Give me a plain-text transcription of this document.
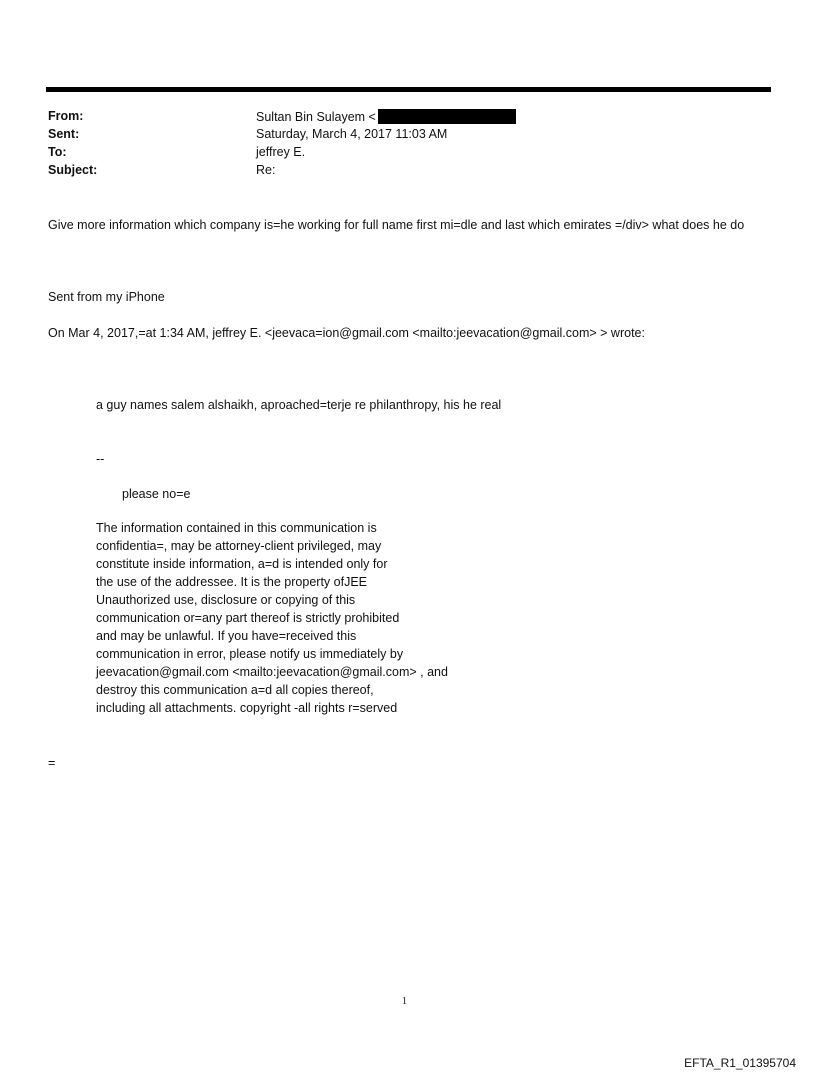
From:	Sultan Bin Sulayem <
Sent:	Saturday, March 4, 2017 11:03 AM
To:	jeffrey E.
Subject:	Re:
Give more information which company is=he working for full name first mi=dle and last which emirates =/div> what does he do
Sent from my iPhone
On Mar 4, 2017,=at 1:34 AM, jeffrey E. <jeevaca=ion@gmail.com <mailto:jeevacation@gmail.com> > wrote:
a guy names salem alshaikh, aproached=terje re philanthropy, his he real
--
please no=e
The information contained in this communication is
confidentia=, may be attorney-client privileged, may
constitute inside information, a=d is intended only for
the use of the addressee. It is the property ofJEE
Unauthorized use, disclosure or copying of this
communication or=any part thereof is strictly prohibited
and may be unlawful. If you have=received this
communication in error, please notify us immediately by
jeevacation@gmail.com <mailto:jeevacation@gmail.com> , and
destroy this communication a=d all copies thereof,
including all attachments. copyright -all rights r=served
=
1
EFTA_R1_01395704
